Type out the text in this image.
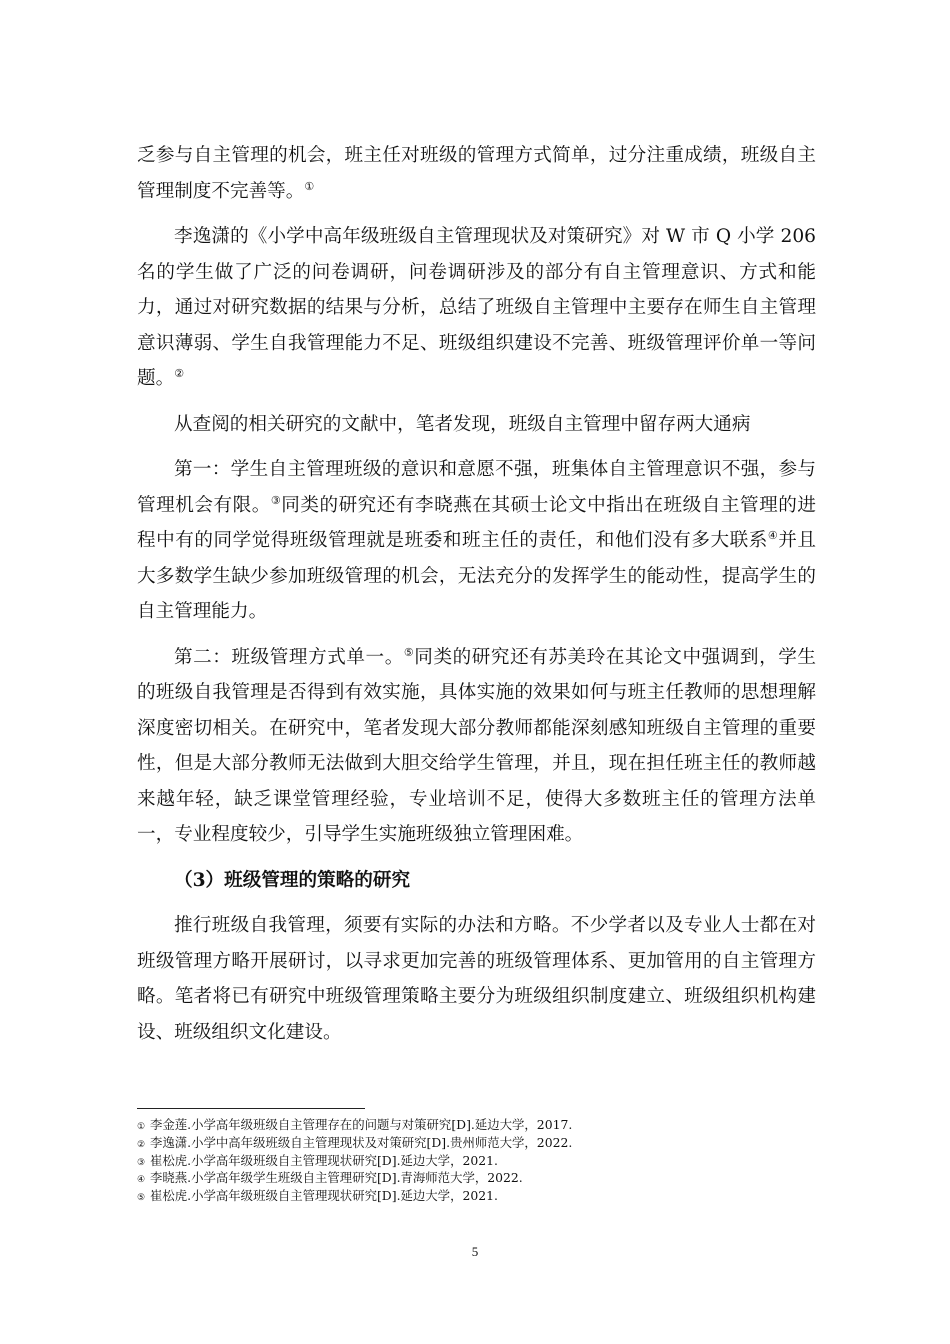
乏参与自主管理的机会，班主任对班级的管理方式简单，过分注重成绩，班级自主管理制度不完善等。①

李逸潇的《小学中高年级班级自主管理现状及对策研究》对 W 市 Q 小学 206 名的学生做了广泛的问卷调研，问卷调研涉及的部分有自主管理意识、方式和能力，通过对研究数据的结果与分析，总结了班级自主管理中主要存在师生自主管理意识薄弱、学生自我管理能力不足、班级组织建设不完善、班级管理评价单一等问题。②

从查阅的相关研究的文献中，笔者发现，班级自主管理中留存两大通病

第一：学生自主管理班级的意识和意愿不强，班集体自主管理意识不强，参与管理机会有限。③同类的研究还有李晓燕在其硕士论文中指出在班级自主管理的进程中有的同学觉得班级管理就是班委和班主任的责任，和他们没有多大联系④并且大多数学生缺少参加班级管理的机会，无法充分的发挥学生的能动性，提高学生的自主管理能力。

第二：班级管理方式单一。⑤同类的研究还有苏美玲在其论文中强调到，学生的班级自我管理是否得到有效实施，具体实施的效果如何与班主任教师的思想理解深度密切相关。在研究中，笔者发现大部分教师都能深刻感知班级自主管理的重要性，但是大部分教师无法做到大胆交给学生管理，并且，现在担任班主任的教师越来越年轻，缺乏课堂管理经验，专业培训不足，使得大多数班主任的管理方法单一，专业程度较少，引导学生实施班级独立管理困难。

（3）班级管理的策略的研究

推行班级自我管理，须要有实际的办法和方略。不少学者以及专业人士都在对班级管理方略开展研讨，以寻求更加完善的班级管理体系、更加管用的自主管理方略。笔者将已有研究中班级管理策略主要分为班级组织制度建立、班级组织机构建设、班级组织文化建设。

① 李金莲.小学高年级班级自主管理存在的问题与对策研究[D].延边大学，2017.
② 李逸潇.小学中高年级班级自主管理现状及对策研究[D].贵州师范大学，2022.
③ 崔松虎.小学高年级班级自主管理现状研究[D].延边大学，2021.
④ 李晓燕.小学高年级学生班级自主管理研究[D].青海师范大学，2022.
⑤ 崔松虎.小学高年级班级自主管理现状研究[D].延边大学，2021.
5
